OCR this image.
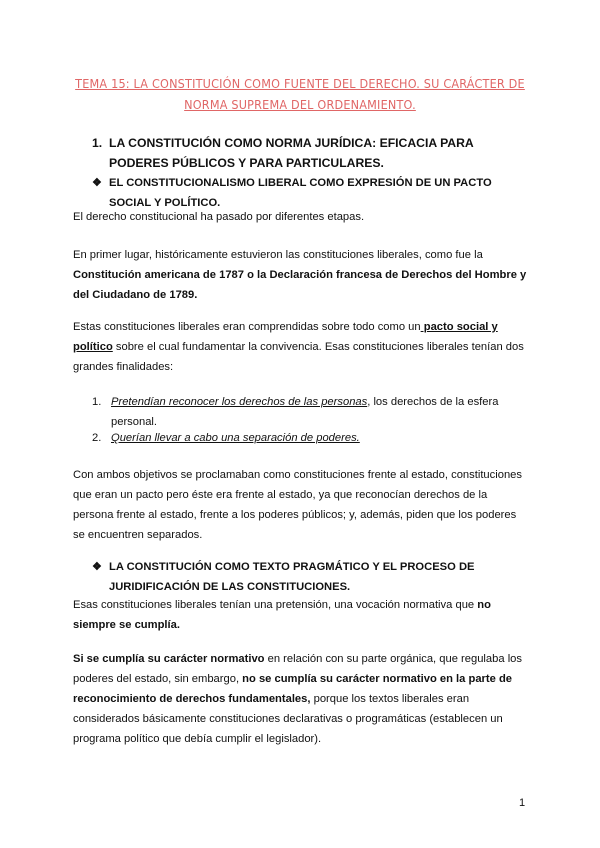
TEMA 15: LA CONSTITUCIÓN COMO FUENTE DEL DERECHO. SU CARÁCTER DE NORMA SUPREMA DEL ORDENAMIENTO.
1. LA CONSTITUCIÓN COMO NORMA JURÍDICA: EFICACIA PARA PODERES PÚBLICOS Y PARA PARTICULARES.
❖ EL CONSTITUCIONALISMO LIBERAL COMO EXPRESIÓN DE UN PACTO SOCIAL Y POLÍTICO.
El derecho constitucional ha pasado por diferentes etapas.
En primer lugar, históricamente estuvieron las constituciones liberales, como fue la Constitución americana de 1787 o la Declaración francesa de Derechos del Hombre y del Ciudadano de 1789.
Estas constituciones liberales eran comprendidas sobre todo como un pacto social y político sobre el cual fundamentar la convivencia. Esas constituciones liberales tenían dos grandes finalidades:
1. Pretendían reconocer los derechos de las personas, los derechos de la esfera personal.
2. Querían llevar a cabo una separación de poderes.
Con ambos objetivos se proclamaban como constituciones frente al estado, constituciones que eran un pacto pero éste era frente al estado, ya que reconocían derechos de la persona frente al estado, frente a los poderes públicos; y, además, piden que los poderes se encuentren separados.
❖ LA CONSTITUCIÓN COMO TEXTO PRAGMÁTICO Y EL PROCESO DE JURIDIFICACIÓN DE LAS CONSTITUCIONES.
Esas constituciones liberales tenían una pretensión, una vocación normativa que no siempre se cumplía.
Si se cumplía su carácter normativo en relación con su parte orgánica, que regulaba los poderes del estado, sin embargo, no se cumplía su carácter normativo en la parte de reconocimiento de derechos fundamentales, porque los textos liberales eran considerados básicamente constituciones declarativas o programáticas (establecen un programa político que debía cumplir el legislador).
1
